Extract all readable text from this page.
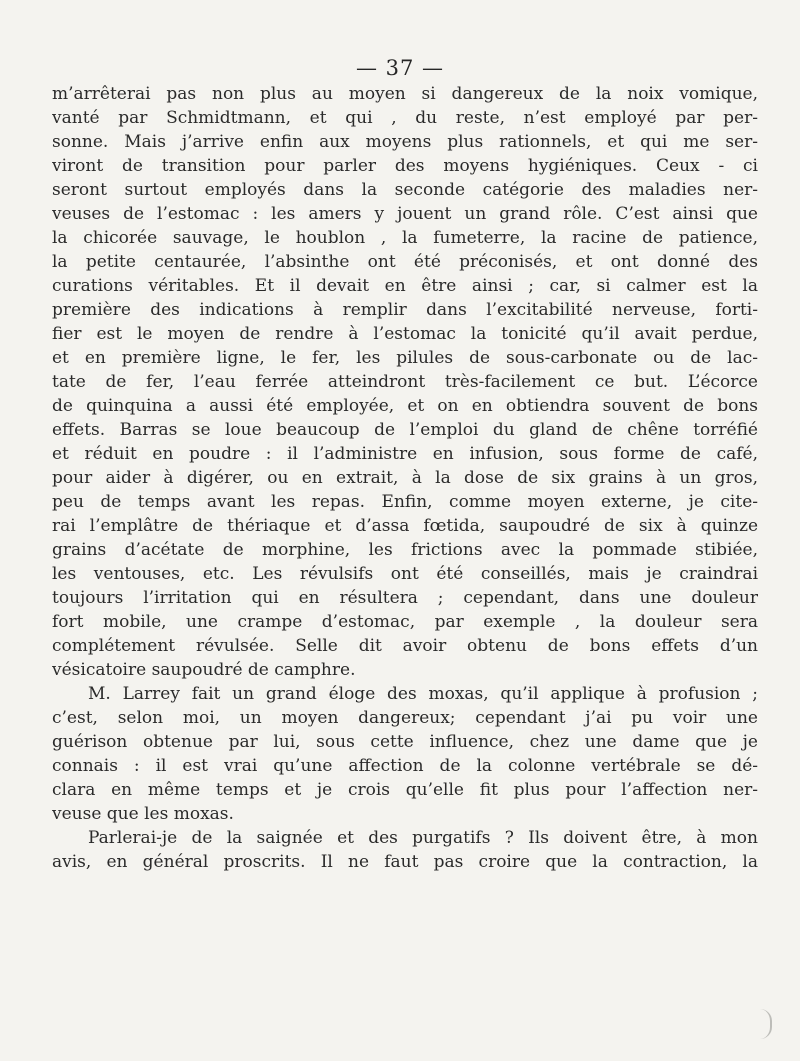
— 37 —
m’arrêterai pas non plus au moyen si dangereux de la noix vomique,
vanté par Schmidtmann, et qui , du reste, n’est employé par per-
sonne. Mais j’arrive enfin aux moyens plus rationnels, et qui me ser-
viront de transition pour parler des moyens hygiéniques. Ceux - ci
seront surtout employés dans la seconde catégorie des maladies ner-
veuses de l’estomac : les amers y jouent un grand rôle. C’est ainsi que
la chicorée sauvage, le houblon , la fumeterre, la racine de patience,
la petite centaurée, l’absinthe ont été préconisés, et ont donné des
curations véritables. Et il devait en être ainsi ; car, si calmer est la
première des indications à remplir dans l’excitabilité nerveuse, forti-
fier est le moyen de rendre à l’estomac la tonicité qu’il avait perdue,
et en première ligne, le fer, les pilules de sous-carbonate ou de lac-
tate de fer, l’eau ferrée atteindront très-facilement ce but. L’écorce
de quinquina a aussi été employée, et on en obtiendra souvent de bons
effets. Barras se loue beaucoup de l’emploi du gland de chêne torréfié
et réduit en poudre : il l’administre en infusion, sous forme de café,
pour aider à digérer, ou en extrait, à la dose de six grains à un gros,
peu de temps avant les repas. Enfin, comme moyen externe, je cite-
rai l’emplâtre de thériaque et d’assa fœtida, saupoudré de six à quinze
grains d’acétate de morphine, les frictions avec la pommade stibiée,
les ventouses, etc. Les révulsifs ont été conseillés, mais je craindrai
toujours l’irritation qui en résultera ; cependant, dans une douleur
fort mobile, une crampe d’estomac, par exemple , la douleur sera
complétement révulsée. Selle dit avoir obtenu de bons effets d’un
vésicatoire saupoudré de camphre.
M. Larrey fait un grand éloge des moxas, qu’il applique à profusion ;
c’est, selon moi, un moyen dangereux; cependant j’ai pu voir une
guérison obtenue par lui, sous cette influence, chez une dame que je
connais : il est vrai qu’une affection de la colonne vertébrale se dé-
clara en même temps et je crois qu’elle fit plus pour l’affection ner-
veuse que les moxas.
Parlerai-je de la saignée et des purgatifs ? Ils doivent être, à mon
avis, en général proscrits. Il ne faut pas croire que la contraction, la
